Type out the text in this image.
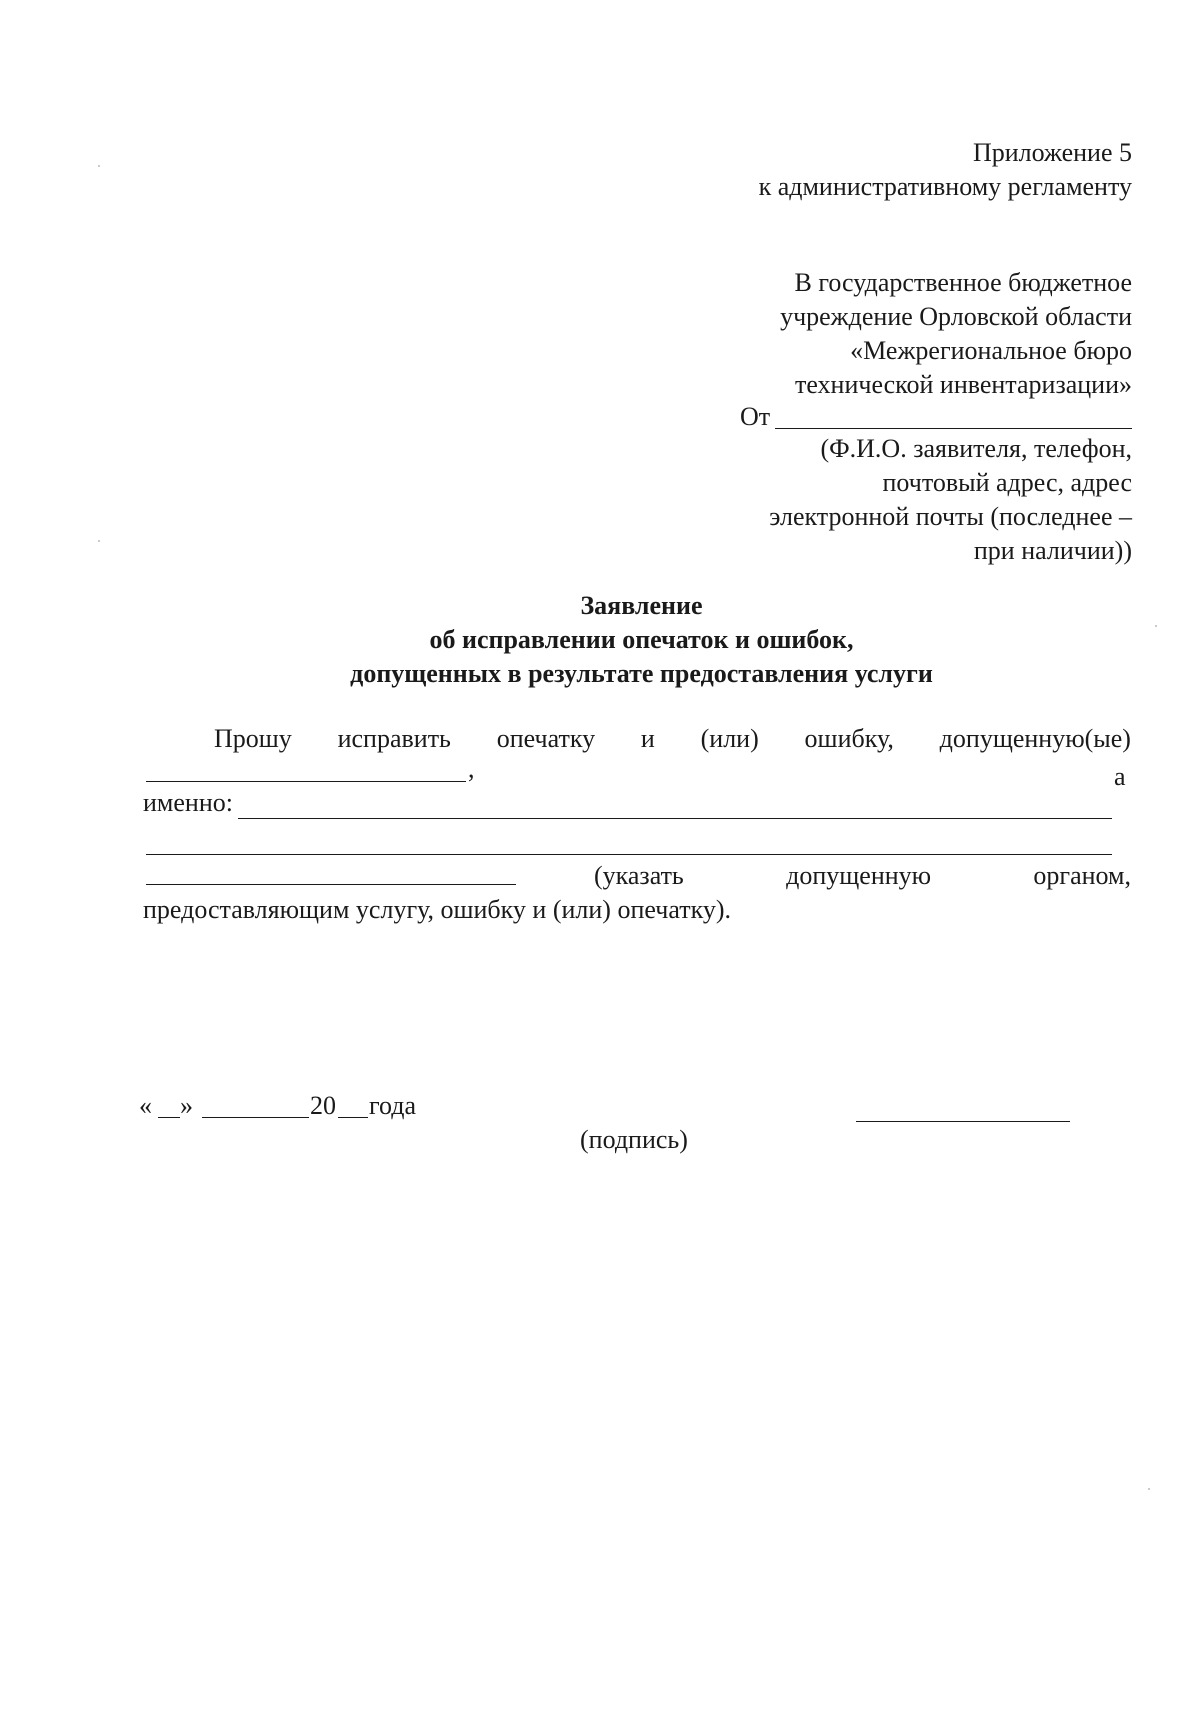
Приложение 5
к административному регламенту
В государственное бюджетное
учреждение Орловской области
«Межрегиональное бюро
технической инвентаризации»
От
(Ф.И.О. заявителя, телефон,
почтовый адрес, адрес
электронной почты (последнее –
при наличии))
Заявление
об исправлении опечаток и ошибок,
допущенных в результате предоставления услуги
Прошу исправить опечатку и (или) ошибку, допущенную(ые)
,	а
именно:
(указать	допущенную	органом,
предоставляющим услугу, ошибку и (или) опечатку).
« »	20 года
(подпись)
